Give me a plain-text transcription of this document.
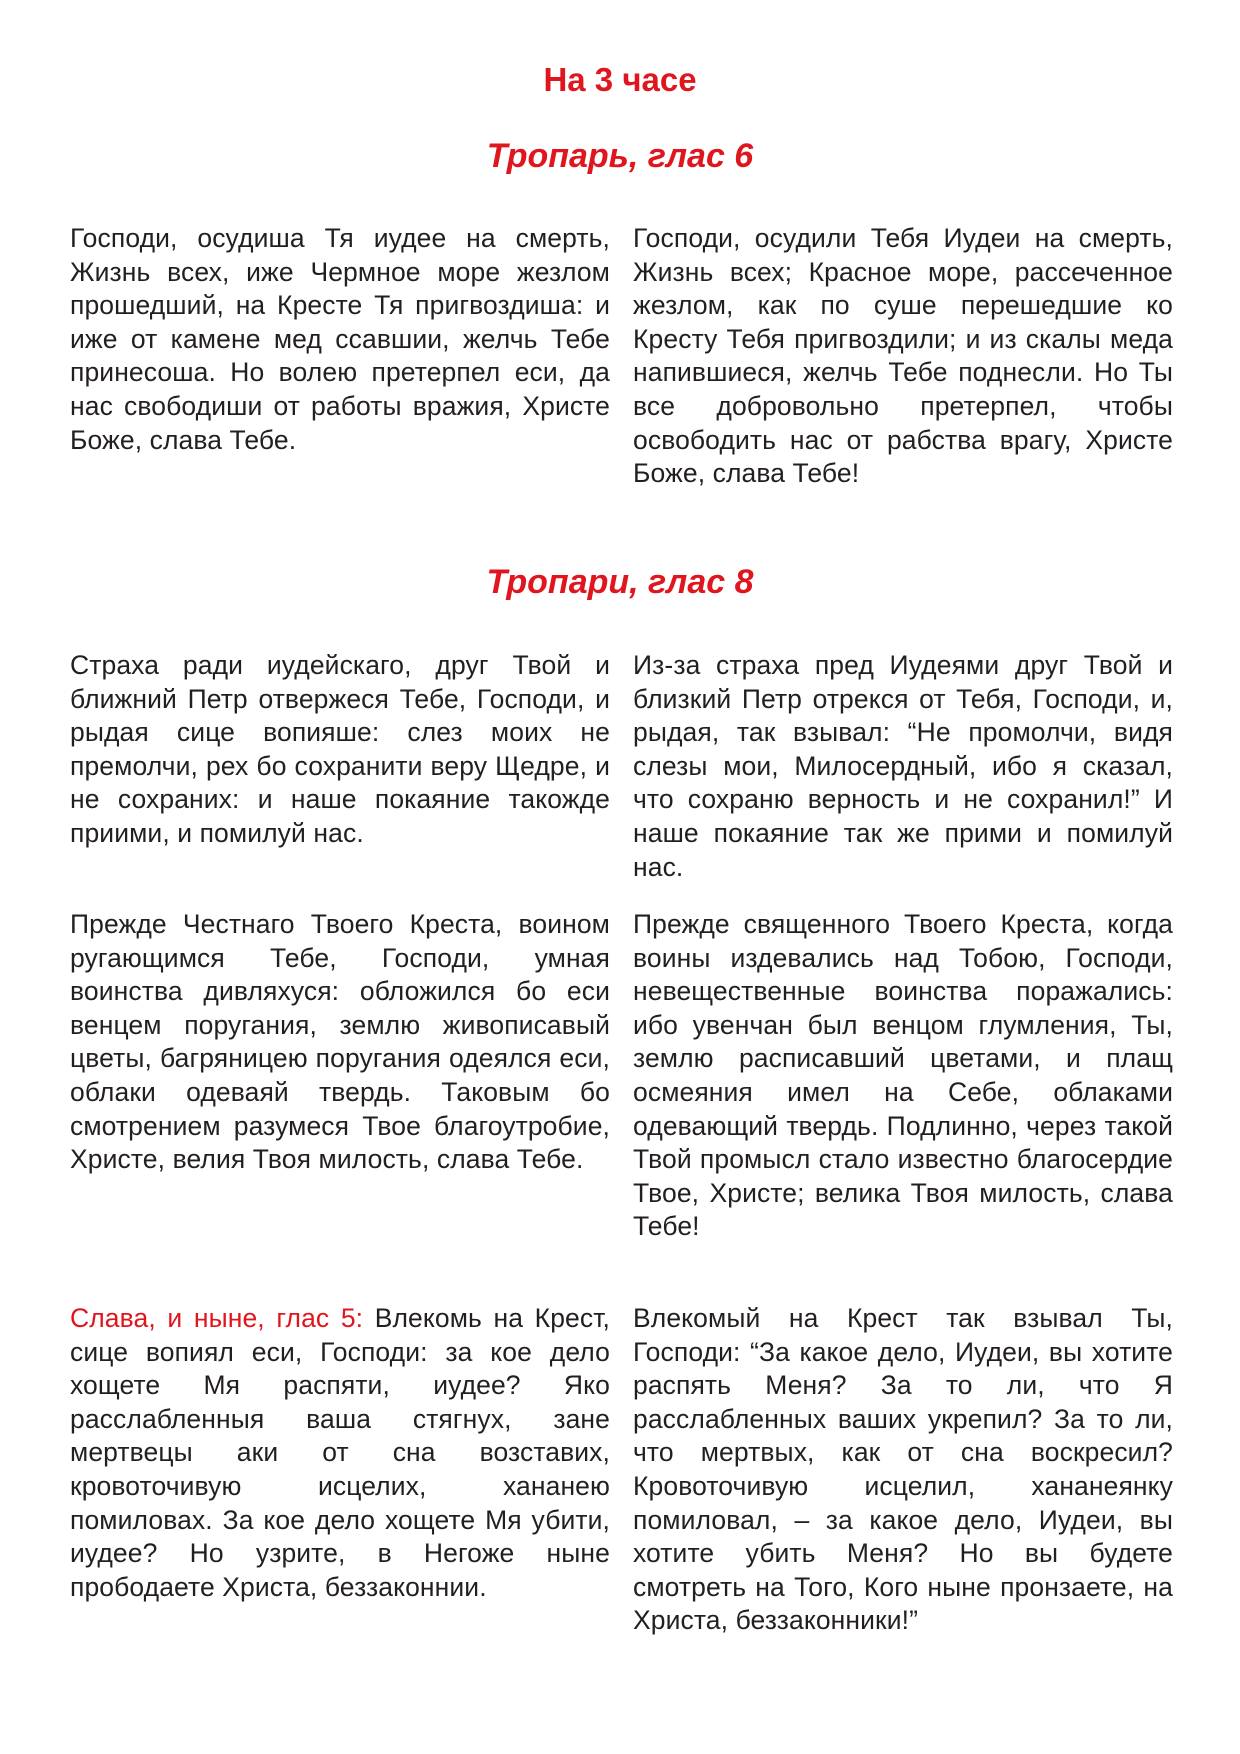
На 3 часе
Тропарь, глас 6

Господи, осудиша Тя иудее на смерть, Жизнь всех, иже Чермное море жезлом прошедший, на Кресте Тя пригвоздиша: и иже от камене мед ссавшии, желчь Тебе принесоша. Но волею претерпел еси, да нас свободиши от работы вражия, Христе Боже, слава Тебе.

Господи, осудили Тебя Иудеи на смерть, Жизнь всех; Красное море, рассеченное жезлом, как по суше перешедшие ко Кресту Тебя пригвоздили; и из скалы меда напившиеся, желчь Тебе поднесли. Но Ты все добровольно претерпел, чтобы освободить нас от рабства врагу, Христе Боже, слава Тебе!

Тропари, глас 8

Страха ради иудейскаго, друг Твой и ближний Петр отвержеся Тебе, Господи, и рыдая сице вопияше: слез моих не премолчи, рех бо сохранити веру Щедре, и не сохраних: и наше покаяние такожде приими, и помилуй нас.

Из-за страха пред Иудеями друг Твой и близкий Петр отрекся от Тебя, Господи, и, рыдая, так взывал: “Не промолчи, видя слезы мои, Милосердный, ибо я сказал, что сохраню верность и не сохранил!” И наше покаяние так же прими и помилуй нас.

Прежде Честнаго Твоего Креста, воином ругающимся Тебе, Господи, умная воинства дивляхуся: обложился бо еси венцем поругания, землю живописавый цветы, багряницею поругания одеялся еси, облаки одеваяй твердь. Таковым бо смотрением разумеся Твое благоутробие, Христе, велия Твоя милость, слава Тебе.

Прежде священного Твоего Креста, когда воины издевались над Тобою, Господи, невещественные воинства поражались: ибо увенчан был венцом глумления, Ты, землю расписавший цветами, и плащ осмеяния имел на Себе, облаками одевающий твердь. Подлинно, через такой Твой промысл стало известно благосердие Твое, Христе; велика Твоя милость, слава Тебе!

Слава, и ныне, глас 5: Влекомь на Крест, сице вопиял еси, Господи: за кое дело хощете Мя распяти, иудее? Яко расслабленныя ваша стягнух, зане мертвецы аки от сна возставих, кровоточивую исцелих, хананею помиловах. За кое дело хощете Мя убити, иудее? Но узрите, в Негоже ныне прободаете Христа, беззаконнии.

Влекомый на Крест так взывал Ты, Господи: “За какое дело, Иудеи, вы хотите распять Меня? За то ли, что Я расслабленных ваших укрепил? За то ли, что мертвых, как от сна воскресил? Кровоточивую исцелил, хананеянку помиловал, – за какое дело, Иудеи, вы хотите убить Меня? Но вы будете смотреть на Того, Кого ныне пронзаете, на Христа, беззаконники!”
